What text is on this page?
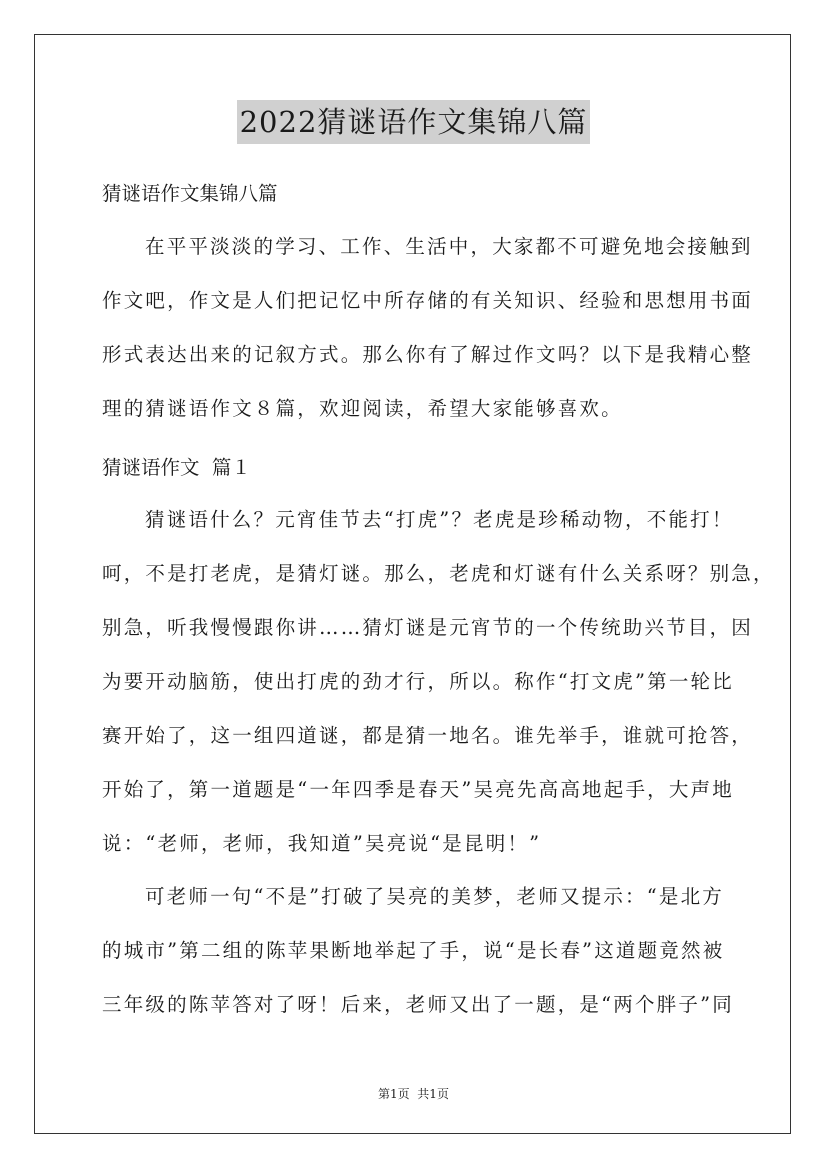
2022猜谜语作文集锦八篇
猜谜语作文集锦八篇

在平平淡淡的学习、工作、生活中，大家都不可避免地会接触到

作文吧，作文是人们把记忆中所存储的有关知识、经验和思想用书面

形式表达出来的记叙方式。那么你有了解过作文吗？以下是我精心整

理的猜谜语作文８篇，欢迎阅读，希望大家能够喜欢。

猜谜语作文  篇１

猜谜语什么？元宵佳节去“打虎”？老虎是珍稀动物，不能打！

呵，不是打老虎，是猜灯谜。那么，老虎和灯谜有什么关系呀？别急，

别急，听我慢慢跟你讲……猜灯谜是元宵节的一个传统助兴节目，因

为要开动脑筋，使出打虎的劲才行，所以。称作“打文虎”第一轮比

赛开始了，这一组四道谜，都是猜一地名。谁先举手，谁就可抢答，

开始了，第一道题是“一年四季是春天”吴亮先高高地起手，大声地

说：“老师，老师，我知道”吴亮说“是昆明！”

可老师一句“不是”打破了吴亮的美梦，老师又提示：“是北方

的城市”第二组的陈苹果断地举起了手，说“是长春”这道题竟然被

三年级的陈苹答对了呀！后来，老师又出了一题，是“两个胖子”同

第1页  共1页
